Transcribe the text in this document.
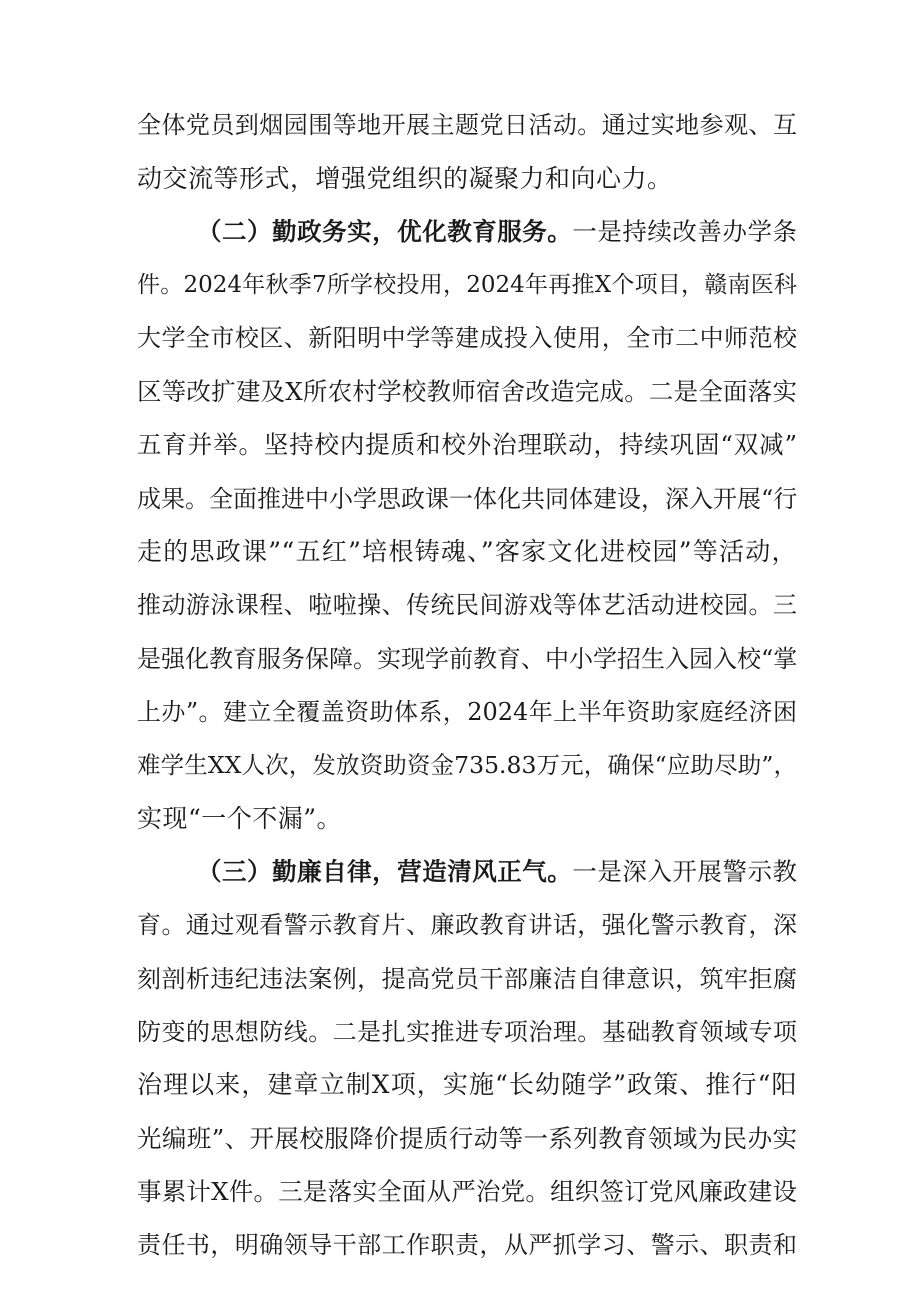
全体党员到烟园围等地开展主题党日活动。通过实地参观、互
动交流等形式，增强党组织的凝聚力和向心力。
（二）勤政务实，优化教育服务。一是持续改善办学条
件。2024年秋季7所学校投用，2024年再推X个项目，赣南医科
大学全市校区、新阳明中学等建成投入使用，全市二中师范校
区等改扩建及X所农村学校教师宿舍改造完成。二是全面落实
五育并举。坚持校内提质和校外治理联动，持续巩固“双减”
成果。全面推进中小学思政课一体化共同体建设，深入开展“行
走的思政课”“五红”培根铸魂、”客家文化进校园”等活动，
推动游泳课程、啦啦操、传统民间游戏等体艺活动进校园。三
是强化教育服务保障。实现学前教育、中小学招生入园入校“掌
上办”。建立全覆盖资助体系，2024年上半年资助家庭经济困
难学生XX人次，发放资助资金735.83万元，确保“应助尽助”，
实现“一个不漏”。
（三）勤廉自律，营造清风正气。一是深入开展警示教
育。通过观看警示教育片、廉政教育讲话，强化警示教育，深
刻剖析违纪违法案例，提高党员干部廉洁自律意识，筑牢拒腐
防变的思想防线。二是扎实推进专项治理。基础教育领域专项
治理以来，建章立制X项，实施“长幼随学”政策、推行“阳
光编班”、开展校服降价提质行动等一系列教育领域为民办实
事累计X件。三是落实全面从严治党。组织签订党风廉政建设
责任书，明确领导干部工作职责，从严抓学习、警示、职责和
